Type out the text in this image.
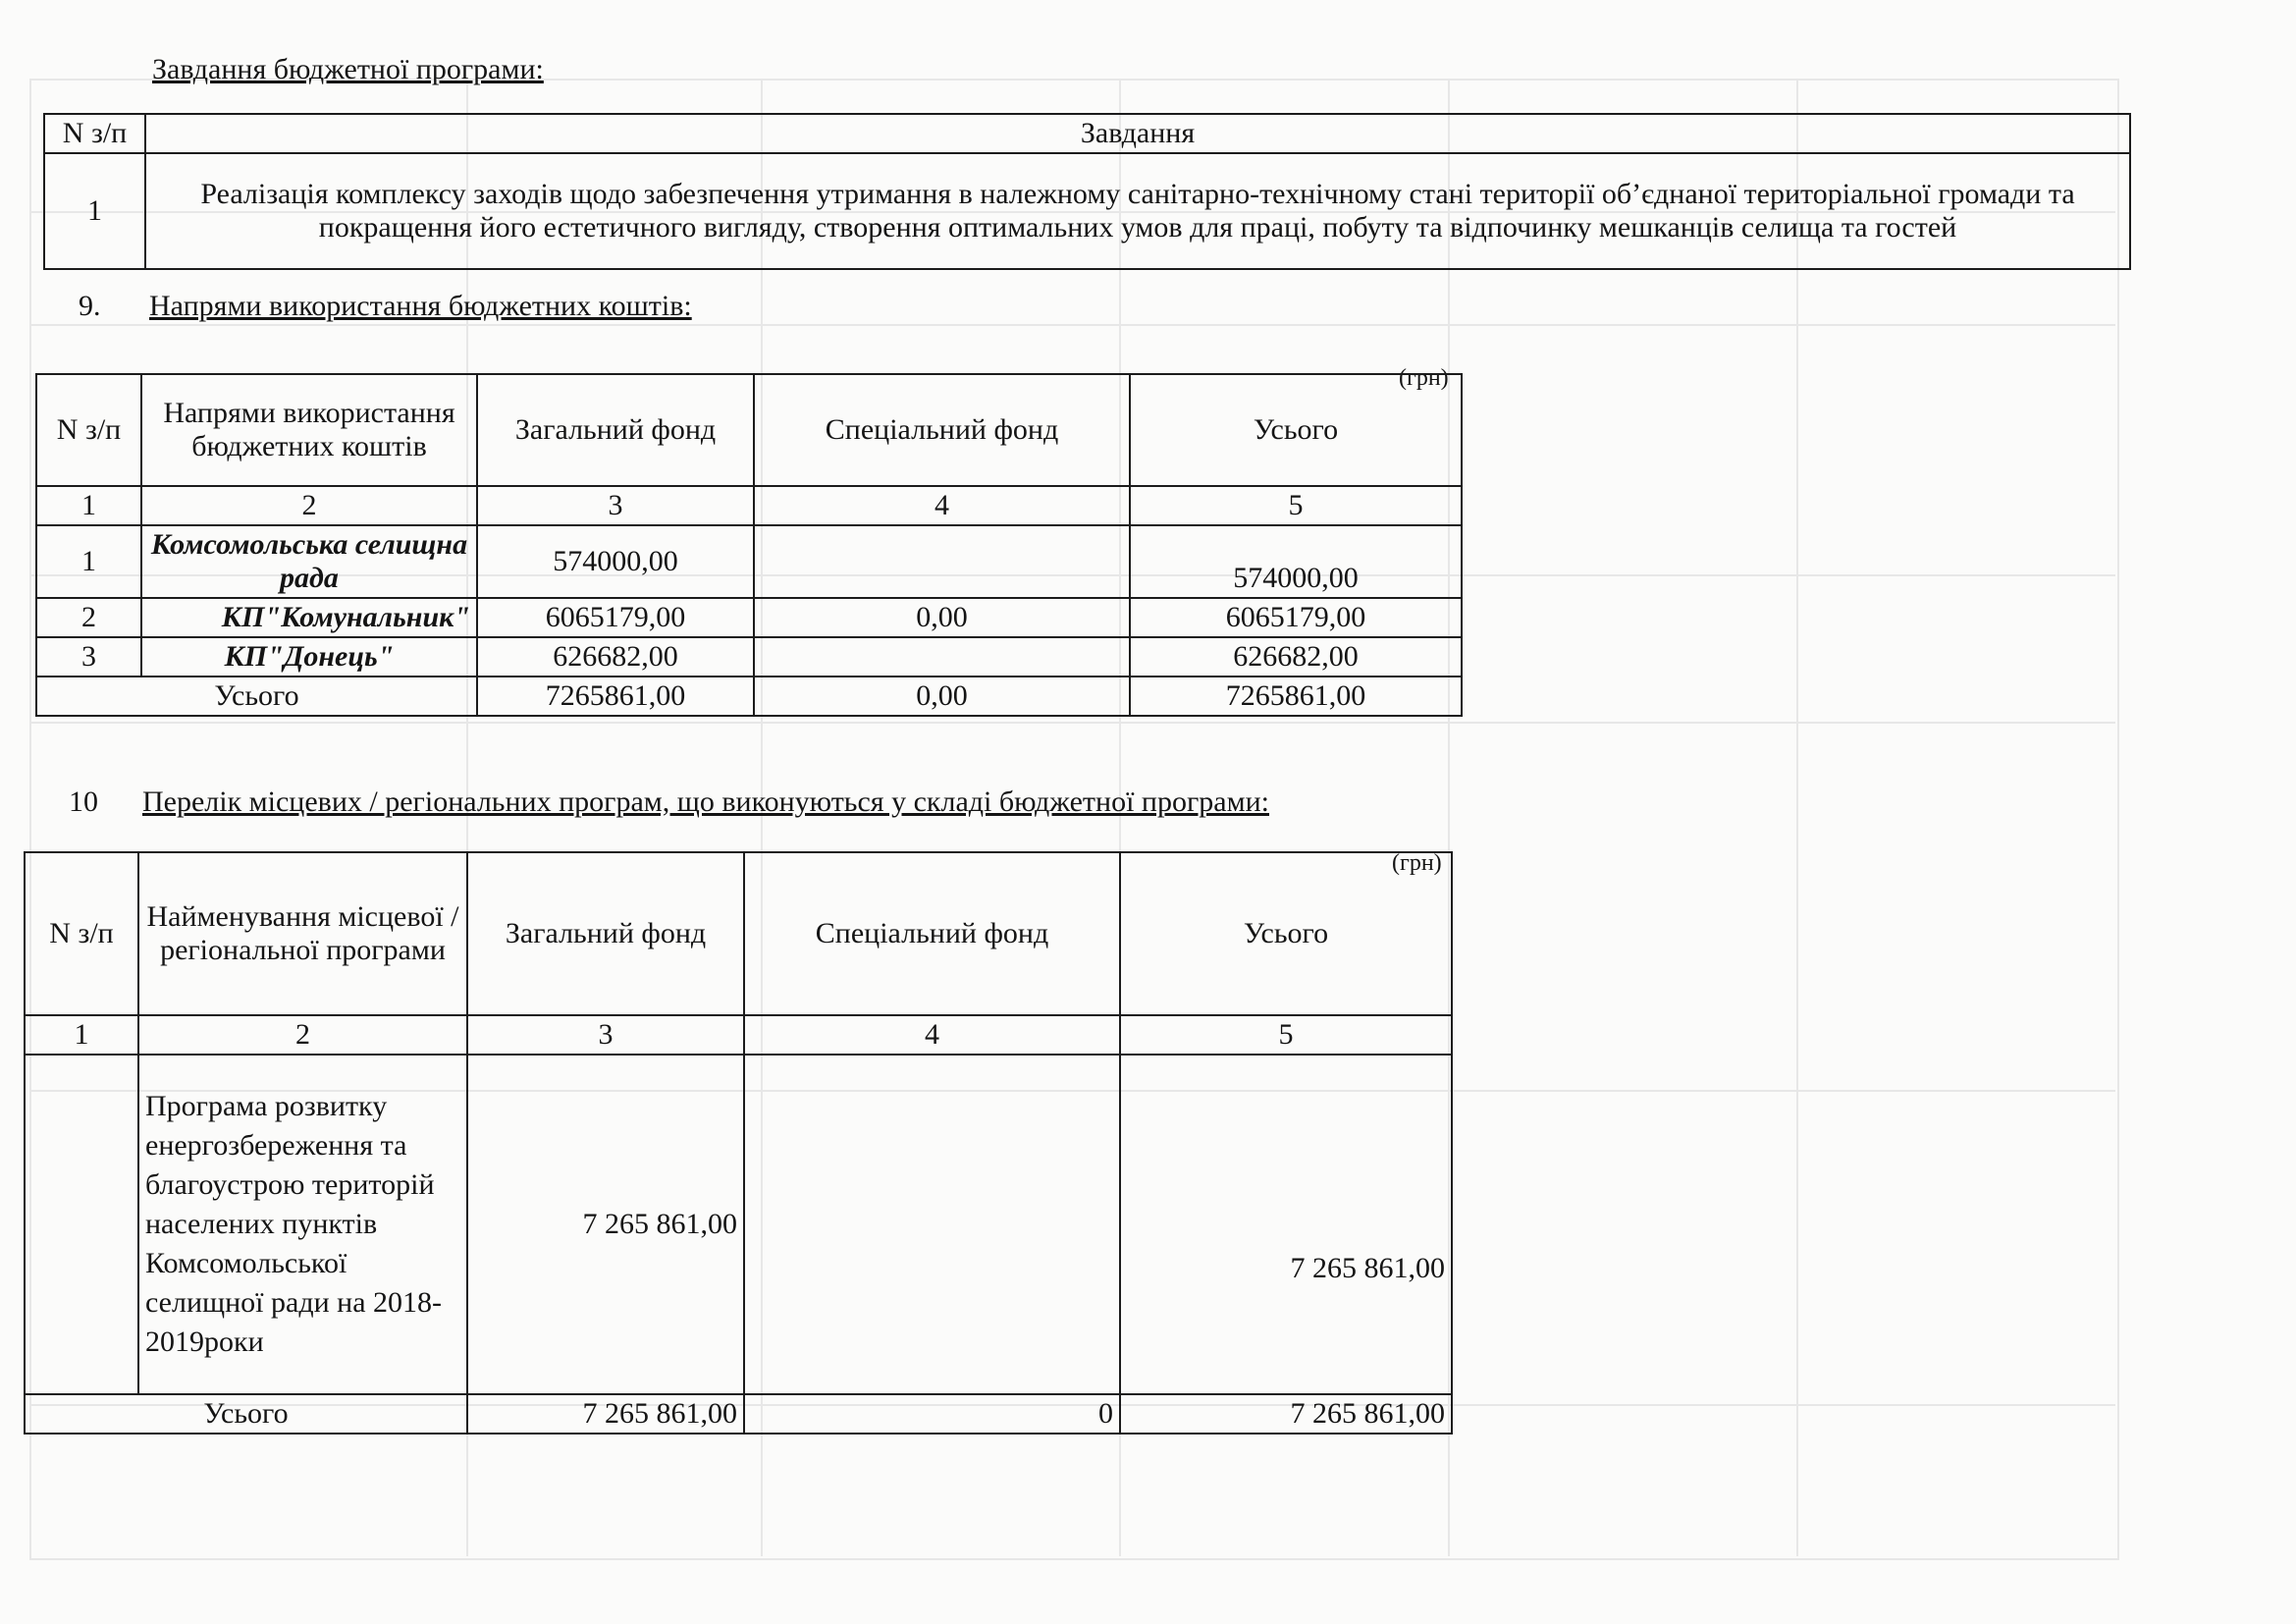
Завдання бюджетної програми:
N з/п	Завдання
1	Реалізація комплексу заходів щодо забезпечення утримання в належному санітарно-технічному стані території об’єднаної територіальної громади та покращення його естетичного вигляду, створення оптимальних умов для праці, побуту та відпочинку мешканців селища та гостей
9. Напрями використання бюджетних коштів:
(грн)
N з/п	Напрями використання бюджетних коштів	Загальний фонд	Спеціальний фонд	Усього
1	2	3	4	5
1	Комсомольська селищна рада	574000,00		574000,00
2	КП"Комунальник"	6065179,00	0,00	6065179,00
3	КП"Донець"	626682,00		626682,00
Усього		7265861,00	0,00	7265861,00
10 Перелік місцевих / регіональних програм, що виконуються у складі бюджетної програми:
(грн)
N з/п	Найменування місцевої / регіональної програми	Загальний фонд	Спеціальний фонд	Усього
1	2	3	4	5
	Програма розвитку енергозбереження та благоустрою територій населених пунктів Комсомольської селищної ради на 2018-2019роки	7 265 861,00		7 265 861,00
Усього		7 265 861,00	0	7 265 861,00
